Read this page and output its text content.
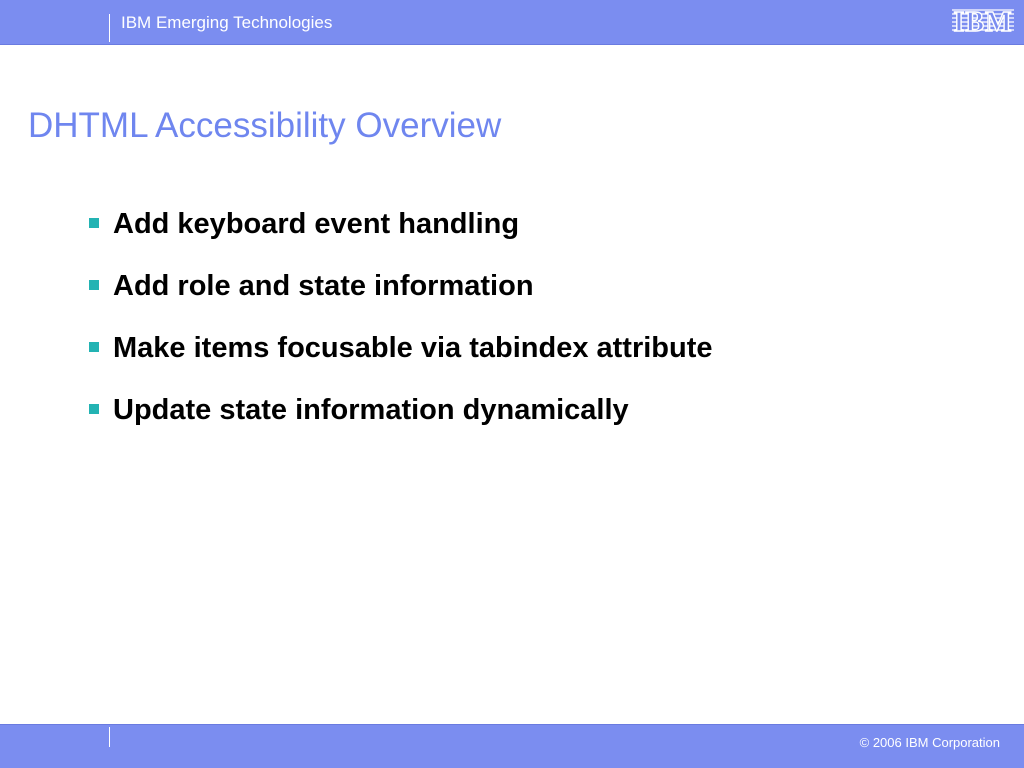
IBM Emerging Technologies	IBM
DHTML Accessibility Overview
Add keyboard event handling
Add role and state information
Make items focusable via tabindex attribute
Update state information dynamically
© 2006 IBM Corporation
